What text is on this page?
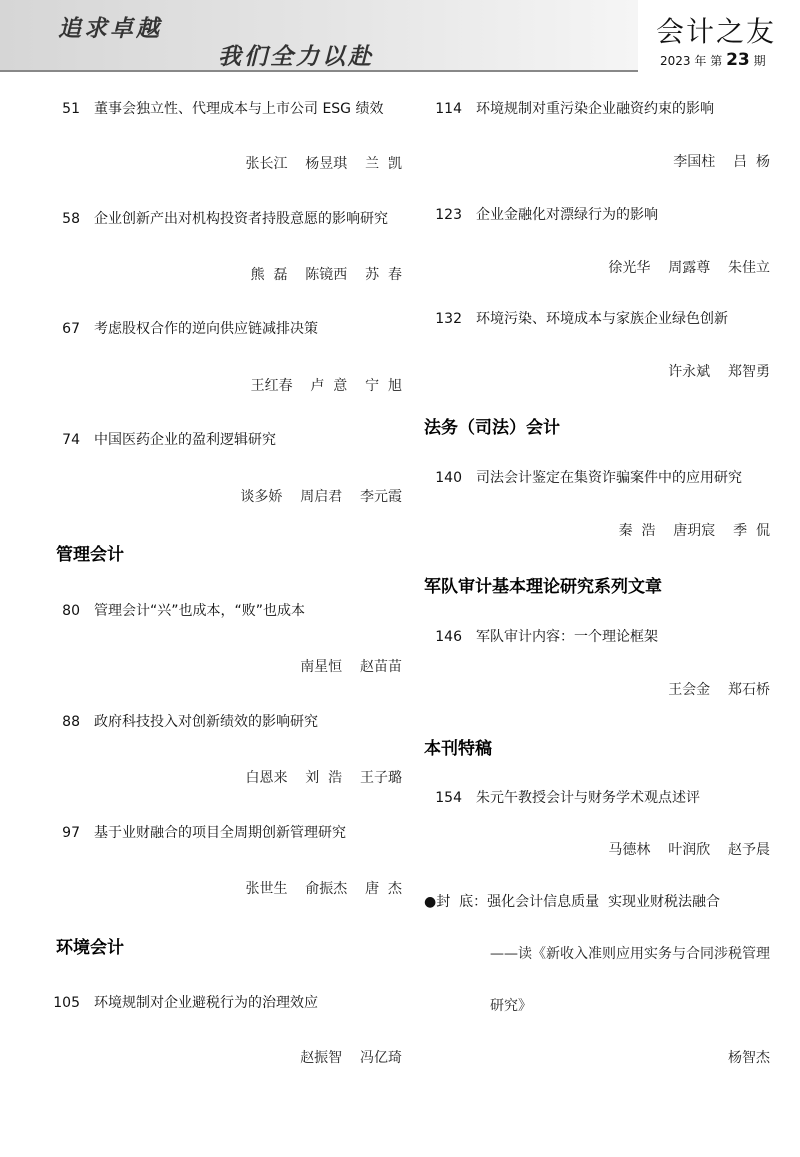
追求卓越
我们全力以赴
会计之友
2023 年 第 23 期
51 董事会独立性、代理成本与上市公司 ESG 绩效
张长江    杨昱琪    兰  凯
58 企业创新产出对机构投资者持股意愿的影响研究
熊  磊    陈镜西    苏  春
67 考虑股权合作的逆向供应链减排决策
王红春    卢  意    宁  旭
74 中国医药企业的盈利逻辑研究
谈多娇    周启君    李元霞
管理会计
80 管理会计“兴”也成本，“败”也成本
南星恒    赵苗苗
88 政府科技投入对创新绩效的影响研究
白恩来    刘  浩    王子璐
97 基于业财融合的项目全周期创新管理研究
张世生    俞振杰    唐  杰
环境会计
105 环境规制对企业避税行为的治理效应
赵振智    冯亿琦
114 环境规制对重污染企业融资约束的影响
李国柱    吕  杨
123 企业金融化对漂绿行为的影响
徐光华    周露尊    朱佳立
132 环境污染、环境成本与家族企业绿色创新
许永斌    郑智勇
法务（司法）会计
140 司法会计鉴定在集资诈骗案件中的应用研究
秦  浩    唐玥宸    季  侃
军队审计基本理论研究系列文章
146 军队审计内容：一个理论框架
王会金    郑石桥
本刊特稿
154 朱元午教授会计与财务学术观点述评
马德林    叶润欣    赵予晨
●封  底：强化会计信息质量  实现业财税法融合
——读《新收入准则应用实务与合同涉税管理
研究》
杨智杰
